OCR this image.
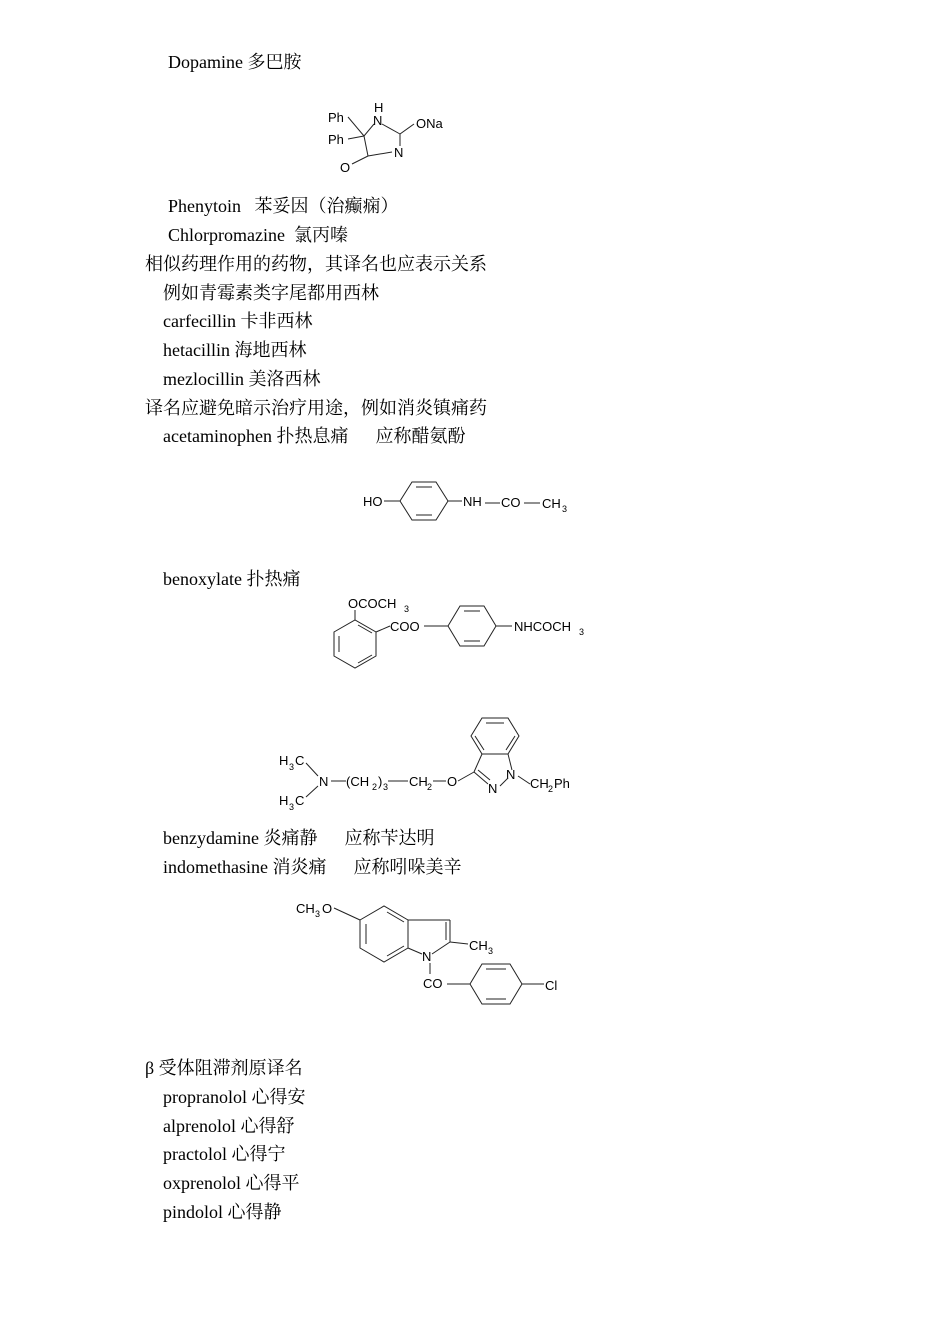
Dopamine 多巴胺
H
N	ONa
Ph
Ph
N
O
Phenytoin   苯妥因（治癫痫）
Chlorpromazine  氯丙嗪
相似药理作用的药物，其译名也应表示关系
例如青霉素类字尾都用西林
carfecillin 卡非西林
hetacillin 海地西林
mezlocillin 美洛西林
译名应避免暗示治疗用途，例如消炎镇痛药
acetaminophen 扑热息痛      应称醋氨酚
HO	NH CO CH 3
benoxylate 扑热痛
OCOCH 3
COO	NHCOCH 3
H 3 C
H 3 C
N (CH 2 ) 3 CH 2 O N
N
CH 2 Ph
benzydamine 炎痛静      应称苄达明
indomethasine 消炎痛      应称吲哚美辛
CH 3 O
N
CH 3
CO	Cl
β 受体阻滞剂原译名
propranolol 心得安
alprenolol 心得舒
practolol 心得宁
oxprenolol 心得平
pindolol 心得静
